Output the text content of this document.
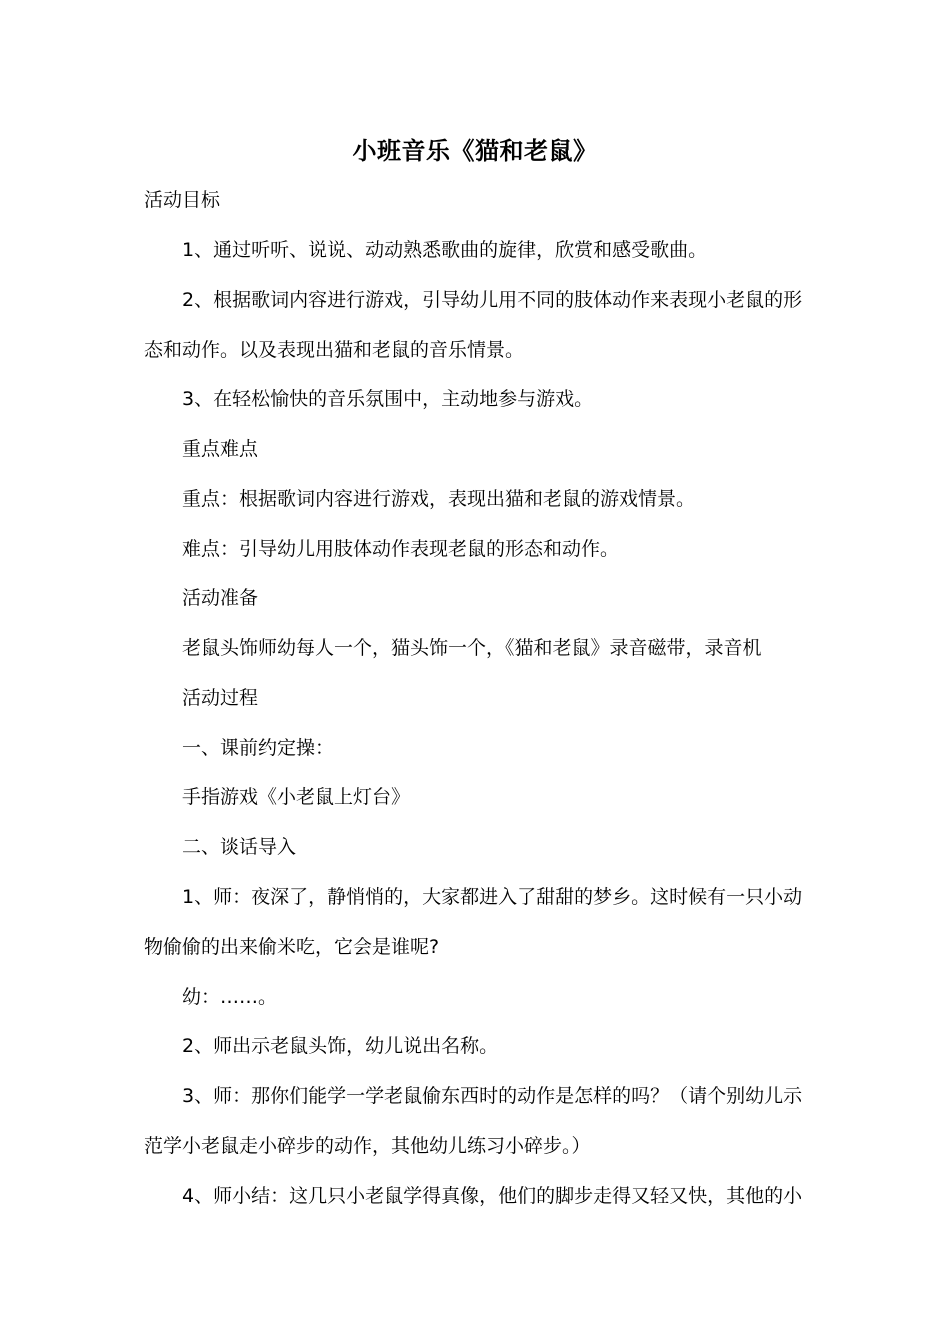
小班音乐《猫和老鼠》
活动目标
1、通过听听、说说、动动熟悉歌曲的旋律，欣赏和感受歌曲。
2、根据歌词内容进行游戏，引导幼儿用不同的肢体动作来表现小老鼠的形
态和动作。以及表现出猫和老鼠的音乐情景。
3、在轻松愉快的音乐氛围中，主动地参与游戏。
重点难点
重点：根据歌词内容进行游戏，表现出猫和老鼠的游戏情景。
难点：引导幼儿用肢体动作表现老鼠的形态和动作。
活动准备
老鼠头饰师幼每人一个，猫头饰一个，《猫和老鼠》录音磁带，录音机
活动过程
一、课前约定操：
手指游戏《小老鼠上灯台》
二、谈话导入
1、师：夜深了，静悄悄的，大家都进入了甜甜的梦乡。这时候有一只小动
物偷偷的出来偷米吃，它会是谁呢?
幼：……。
2、师出示老鼠头饰，幼儿说出名称。
3、师：那你们能学一学老鼠偷东西时的动作是怎样的吗？（请个别幼儿示
范学小老鼠走小碎步的动作，其他幼儿练习小碎步。）
4、师小结：这几只小老鼠学得真像，他们的脚步走得又轻又快，其他的小
